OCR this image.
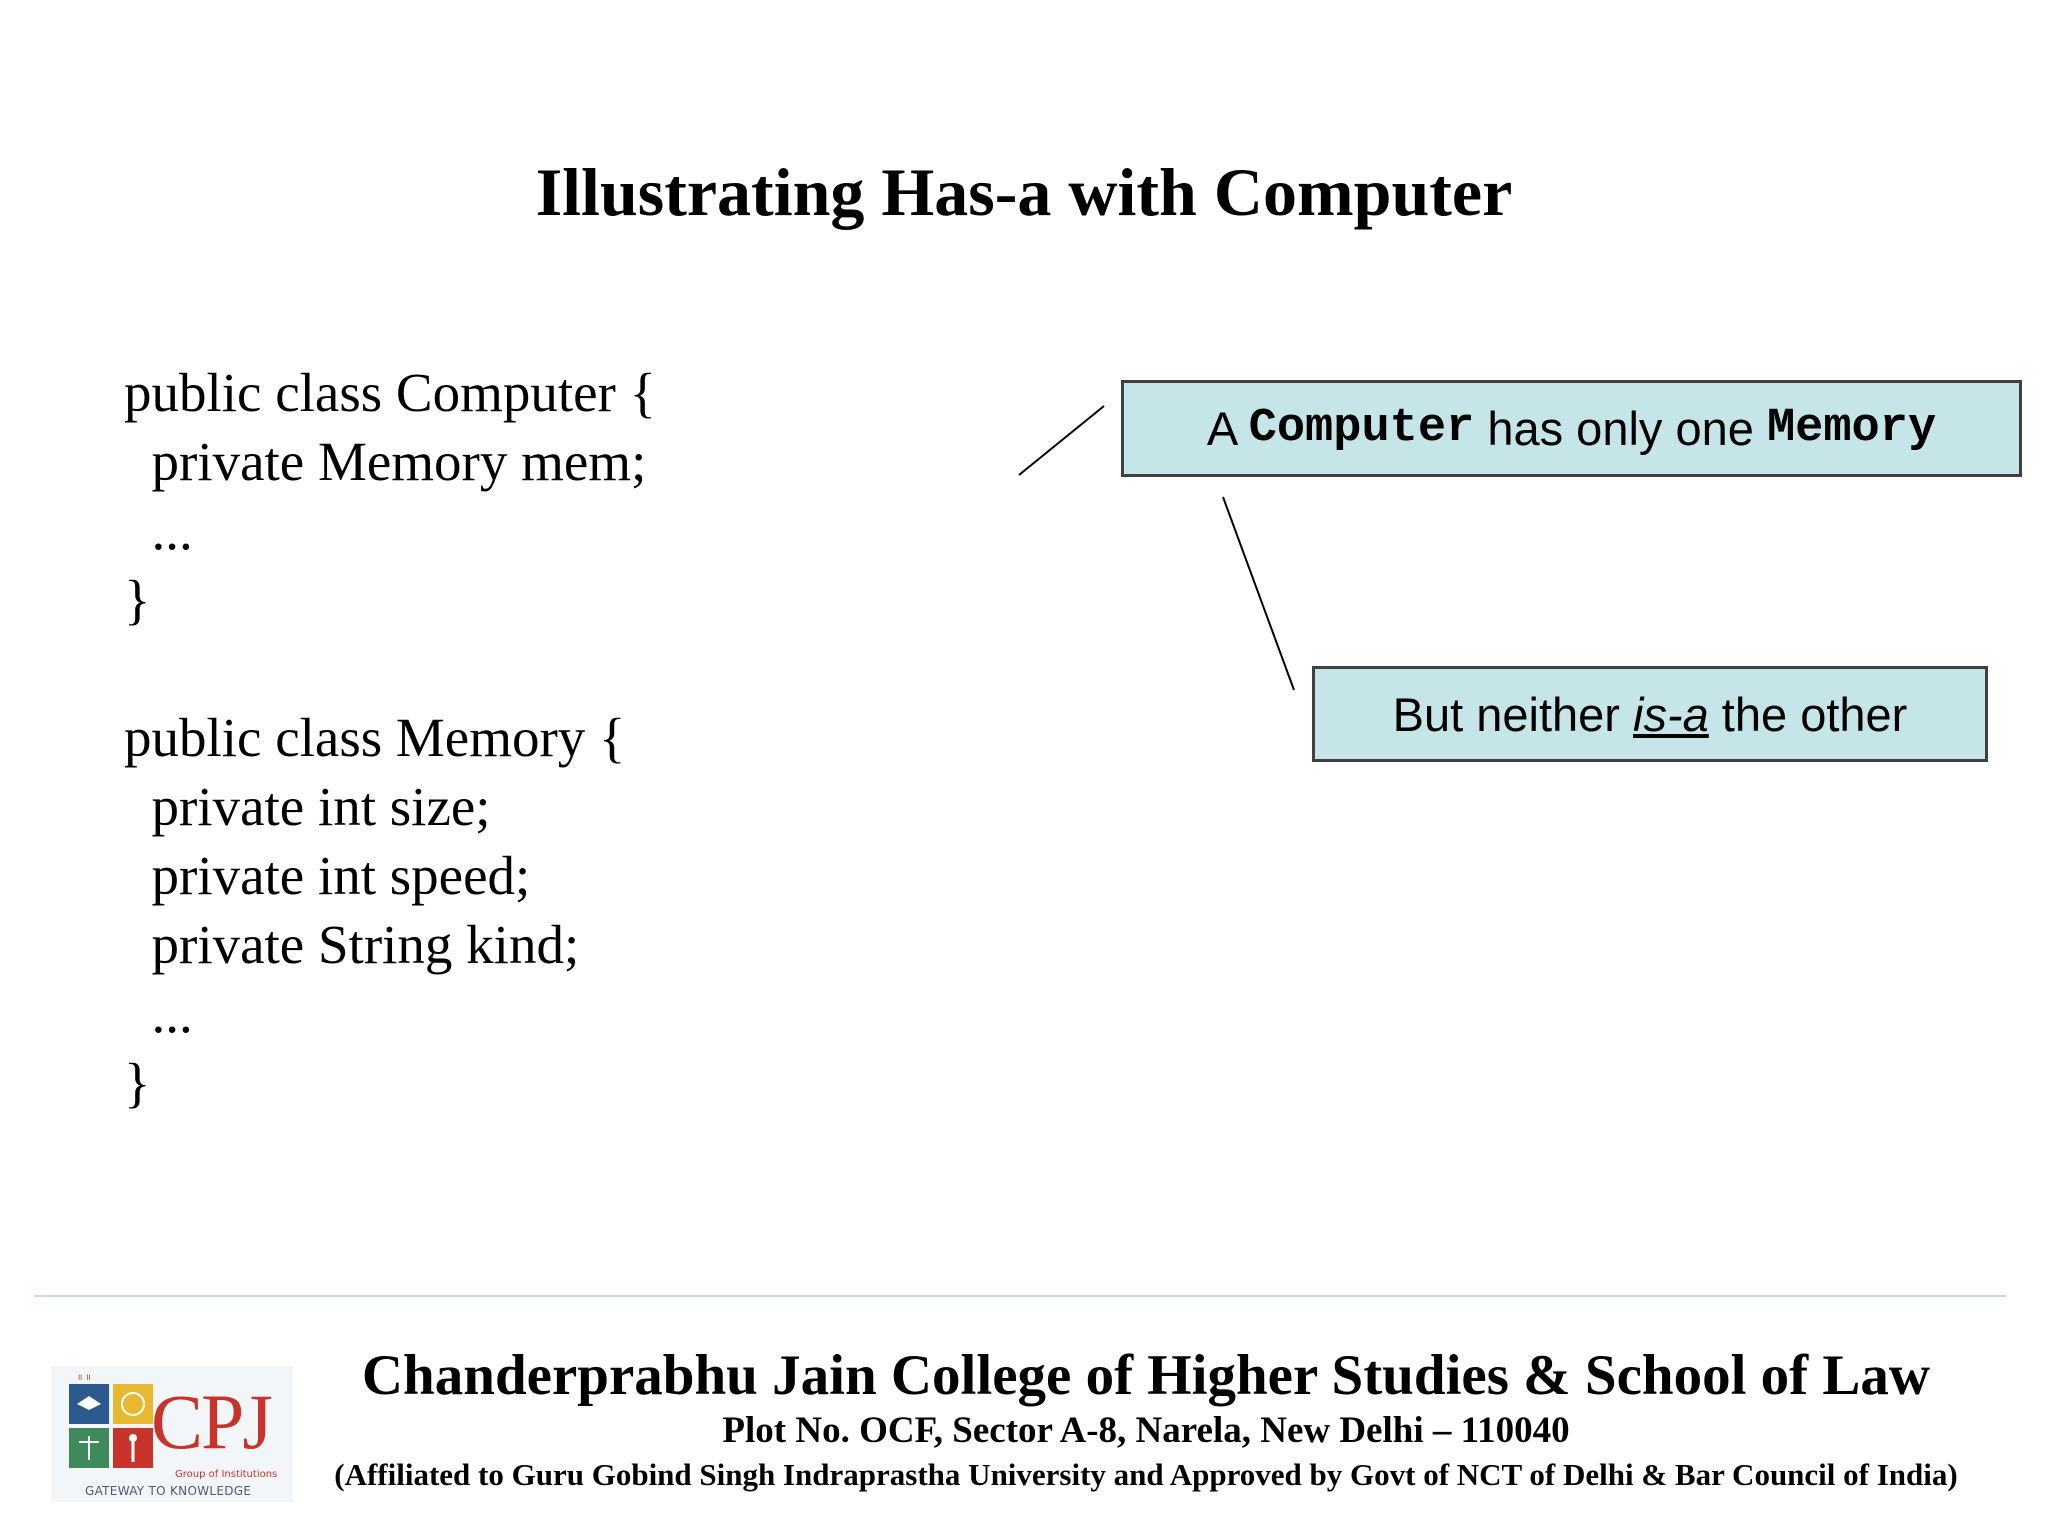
Illustrating Has-a with Computer
public class Computer {
private Memory mem;
...
}
public class Memory {
private int size;
private int speed;
private String kind;
...
}
A Computer has only one Memory
But neither is-a the other
॥ ॥ CPJ
Group of Institutions
GATEWAY TO KNOWLEDGE
Chanderprabhu Jain College of Higher Studies & School of Law
Plot No. OCF, Sector A-8, Narela, New Delhi – 110040
(Affiliated to Guru Gobind Singh Indraprastha University and Approved by Govt of NCT of Delhi & Bar Council of India)
